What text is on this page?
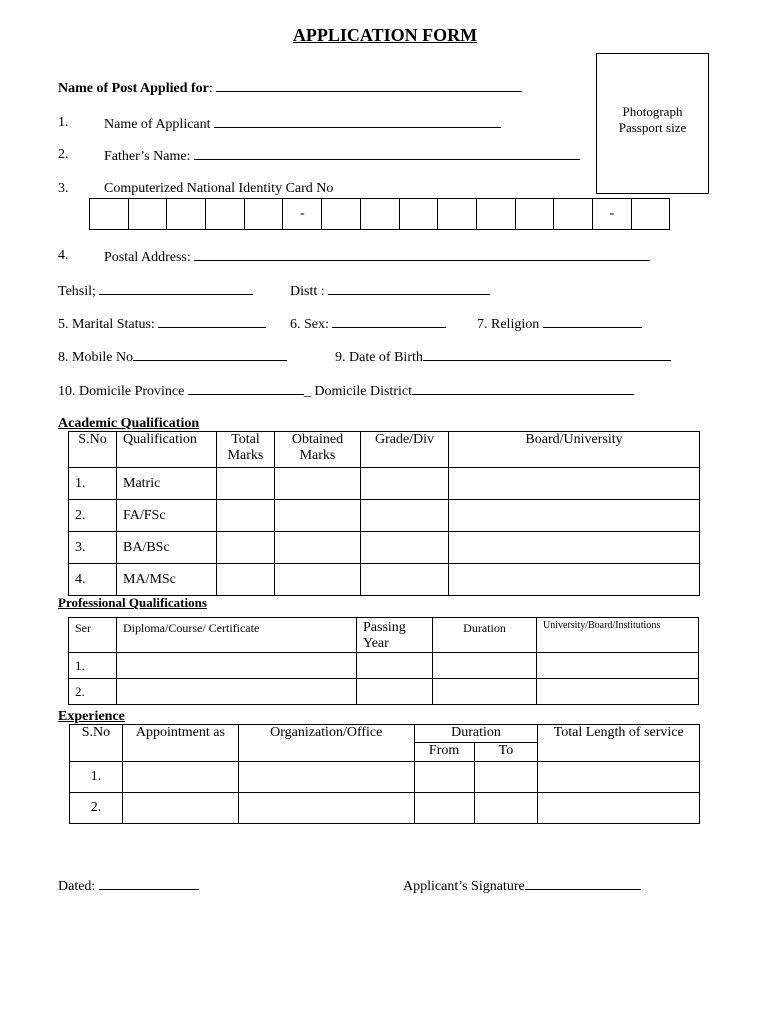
APPLICATION FORM
Photograph
Passport size
Name of Post Applied for:
1.	Name of Applicant
2.	Father’s Name:
3.	Computerized National Identity Card No
					-								-	
4.	Postal Address:
Tehsil;	Distt :
5. Marital Status:	6. Sex:	7. Religion
8. Mobile No	9. Date of Birth
10. Domicile Province	_ Domicile District
Academic Qualification
S.No	Qualification	Total Marks	Obtained Marks	Grade/Div	Board/University
1.	Matric				
2.	FA/FSc				
3.	BA/BSc				
4.	MA/MSc				
Professional Qualifications
Ser	Diploma/Course/ Certificate	Passing Year	Duration	University/Board/Institutions
1.				
2.				
Experience
S.No	Appointment as	Organization/Office	Duration		Total Length of service
			From	To	
1.					
2.					
Dated:	Applicant’s Signature
